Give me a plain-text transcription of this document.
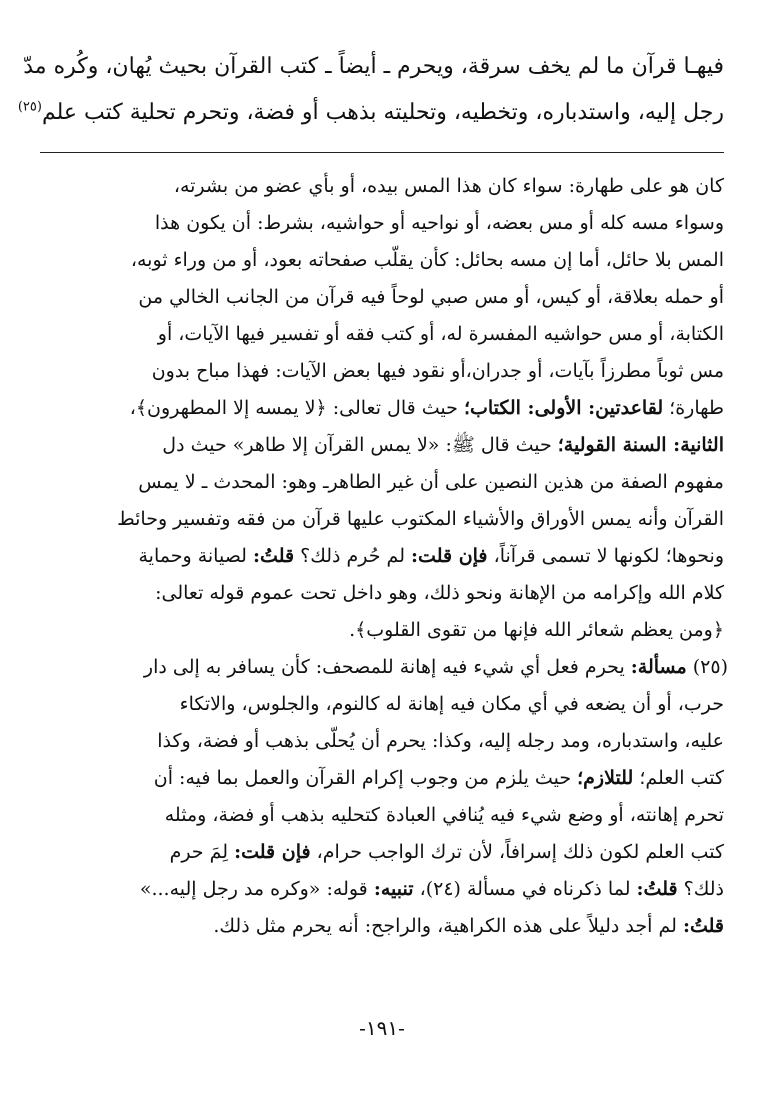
فيهـا قرآن ما لم يخف سرقة، ويحرم ـ أيضاً ـ كتب القرآن بحيث يُهان، وكُره مدّ
رجل إليه، واستدباره، وتخطيه، وتحليته بذهب أو فضة، وتحرم تحلية كتب علم$^{(٢٥)}$
كان هو على طهارة: سواء كان هذا المس بيده، أو بأي عضو من بشرته،
وسواء مسه كله أو مس بعضه، أو نواحيه أو حواشيه، بشرط: أن يكون هذا
المس بلا حائل، أما إن مسه بحائل: كأن يقلّب صفحاته بعود، أو من وراء ثوبه،
أو حمله بعلاقة، أو كيس، أو مس صبي لوحاً فيه قرآن من الجانب الخالي من
الكتابة، أو مس حواشيه المفسرة له، أو كتب فقه أو تفسير فيها الآيات، أو
مس ثوباً مطرزاً بآيات، أو جدران،أو نقود فيها بعض الآيات: فهذا مباح بدون
طهارة؛ لقاعدتين: الأولى: الكتاب؛ حيث قال تعالى: ﴿لا يمسه إلا المطهرون﴾،
الثانية: السنة القولية؛ حيث قال ﷺ: «لا يمس القرآن إلا طاهر» حيث دل
مفهوم الصفة من هذين النصين على أن غير الطاهرـ وهو: المحدث ـ لا يمس
القرآن وأنه يمس الأوراق والأشياء المكتوب عليها قرآن من فقه وتفسير وحائط
ونحوها؛ لكونها لا تسمى قرآناً، فإن قلت: لم حُرم ذلك؟ قلتُ: لصيانة وحماية
كلام الله وإكرامه من الإهانة ونحو ذلك، وهو داخل تحت عموم قوله تعالى:
﴿ومن يعظم شعائر الله فإنها من تقوى القلوب﴾.
(٢٥) مسألة: يحرم فعل أي شيء فيه إهانة للمصحف: كأن يسافر به إلى دار
حرب، أو أن يضعه في أي مكان فيه إهانة له كالنوم، والجلوس، والاتكاء
عليه، واستدباره، ومد رجله إليه، وكذا: يحرم أن يُحلّى بذهب أو فضة، وكذا
كتب العلم؛ للتلازم؛ حيث يلزم من وجوب إكرام القرآن والعمل بما فيه: أن
تحرم إهانته، أو وضع شيء فيه يُنافي العبادة كتحليه بذهب أو فضة، ومثله
كتب العلم لكون ذلك إسرافاً، لأن ترك الواجب حرام، فإن قلت: لِمَ حرم
ذلك؟ قلتُ: لما ذكرناه في مسألة (٢٤)، تنبيه: قوله: «وكره مد رجل إليه...»
قلتُ: لم أجد دليلاً على هذه الكراهية، والراجح: أنه يحرم مثل ذلك.
-١٩١-
